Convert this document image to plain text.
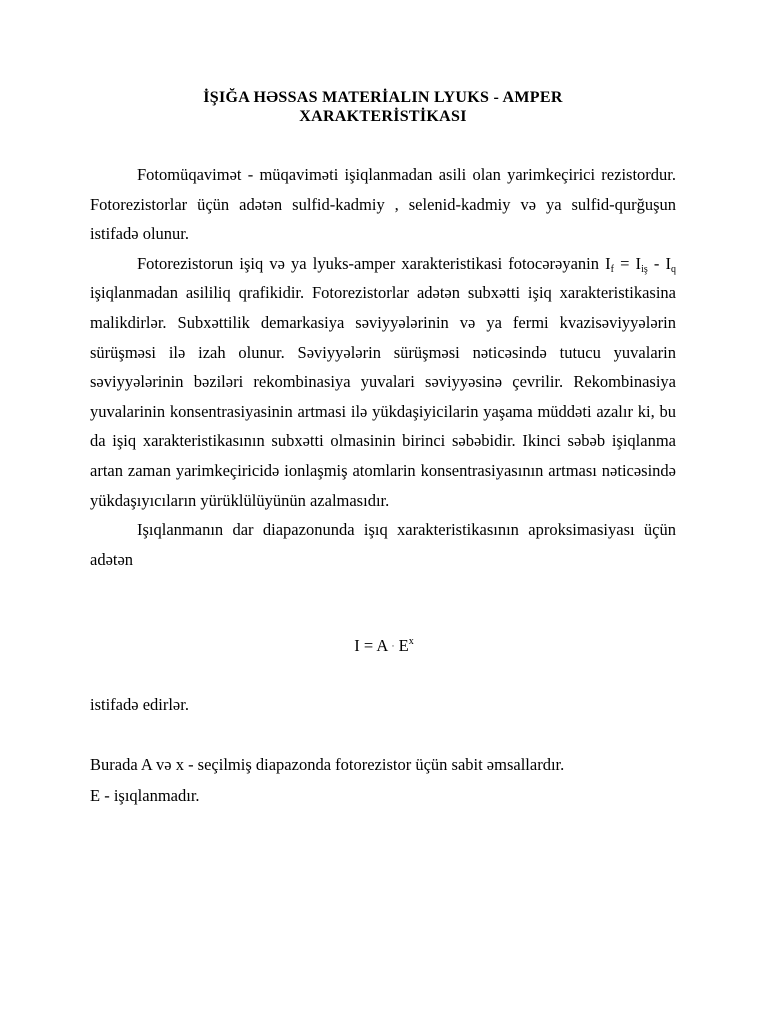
İŞIĞA HƏSSAS MATERİALIN LYUKS - AMPER
XARAKTERİSTİKASI

Fotomüqavimət - müqaviməti işiqlanmadan asili olan yarimkeçirici rezistordur. Fotorezistorlar üçün adətən sulfid-kadmiy , selenid-kadmiy və ya sulfid-qurğuşun istifadə olunur.

Fotorezistorun işiq və ya lyuks-amper xarakteristikasi fotocərəyanin $I_f = I_{iş} - I_q$ işiqlanmadan asililiq qrafikidir. Fotorezistorlar adətən subxətti işiq xarakteristikasina malikdirlər. Subxəttilik demarkasiya səviyyələrinin və ya fermi kvazisəviyyələrin sürüşməsi ilə izah olunur. Səviyyələrin sürüşməsi nəticəsində tutucu yuvalarin səviyyələrinin bəziləri rekombinasiya yuvalari səviyyəsinə çevrilir. Rekombinasiya yuvalarinin konsentrasiyasinin artmasi ilə yükdaşiyicilarin yaşama müddəti azalır ki, bu da işiq xarakteristikasının subxətti olmasinin birinci səbəbidir. Ikinci səbəb işiqlanma artan zaman yarimkeçiricidə ionlaşmiş atomlarin konsentrasiyasının artması nəticəsində yükdaşıyıcıların yürüklülüyünün azalmasıdır.

Işıqlanmanın dar diapazonunda işıq xarakteristikasının aproksimasiyası üçün adətən

$I = A \cdot E^x$
istifadə edirlər.
Burada A və x - seçilmiş diapazonda fotorezistor üçün sabit əmsallardır.
E - işıqlanmadır.
